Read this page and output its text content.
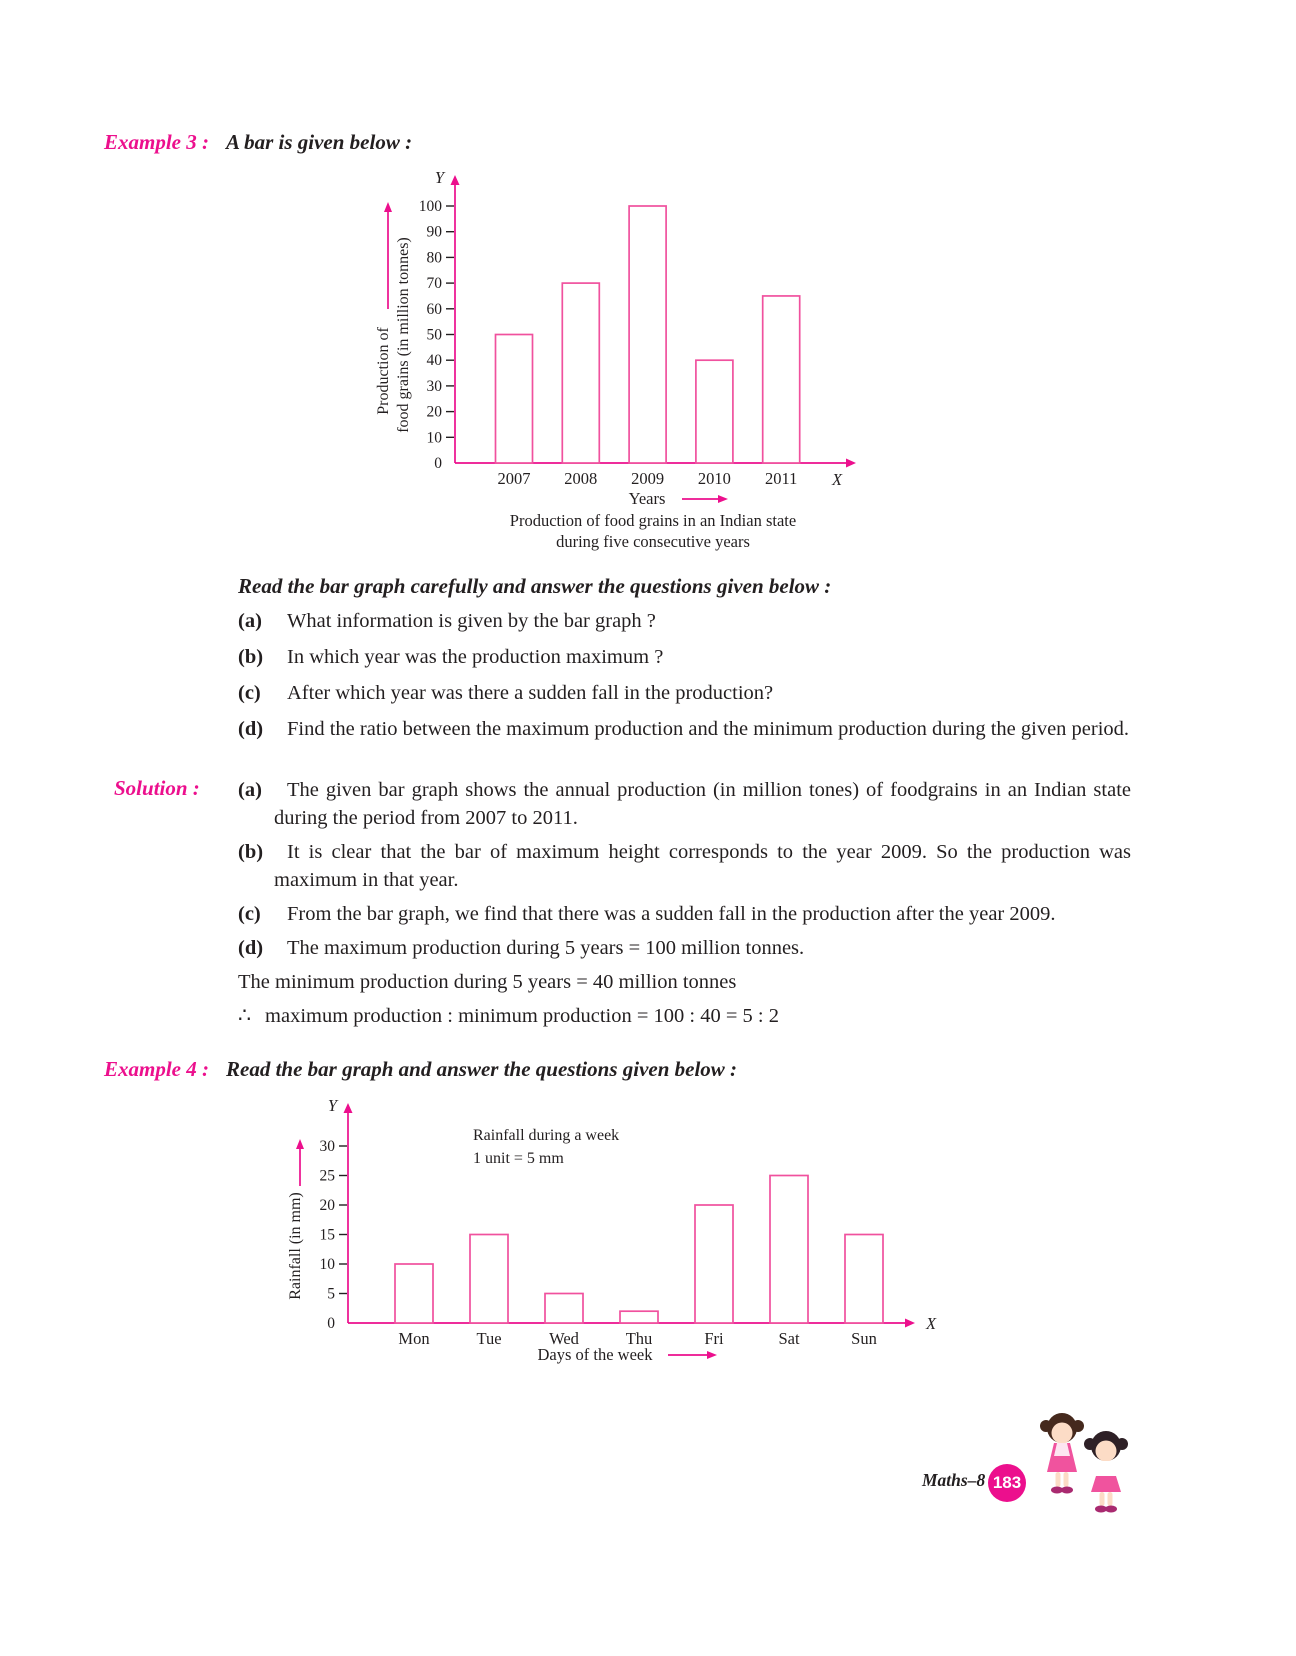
Example 3 : A bar is given below :
0
10
20
30
40
50
60
70
80
90
100
2007 2008 2009 2010 2011
Y
X
Years
Production of food grains (in million tonnes)
Production of food grains in an Indian state
during five consecutive years
Read the bar graph carefully and answer the questions given below :
(a) What information is given by the bar graph ?
(b) In which year was the production maximum ?
(c) After which year was there a sudden fall in the production?
(d) Find the ratio between the maximum production and the minimum production during the given period.
Solution : (a) The given bar graph shows the annual production (in million tones) of foodgrains in an Indian state during the period from 2007 to 2011.
(b) It is clear that the bar of maximum height corresponds to the year 2009. So the production was maximum in that year.
(c) From the bar graph, we find that there was a sudden fall in the production after the year 2009.
(d) The maximum production during 5 years = 100 million tonnes.
The minimum production during 5 years = 40 million tonnes
∴ maximum production : minimum production = 100 : 40 = 5 : 2
Example 4 : Read the bar graph and answer the questions given below :
0
5
10
15
20
25
30
Mon	Tue	Wed	Thu	Fri	Sat	Sun
Y
X
Days of the week
Rainfall (in mm)
Rainfall during a week
1 unit = 5 mm
Maths–8 183
